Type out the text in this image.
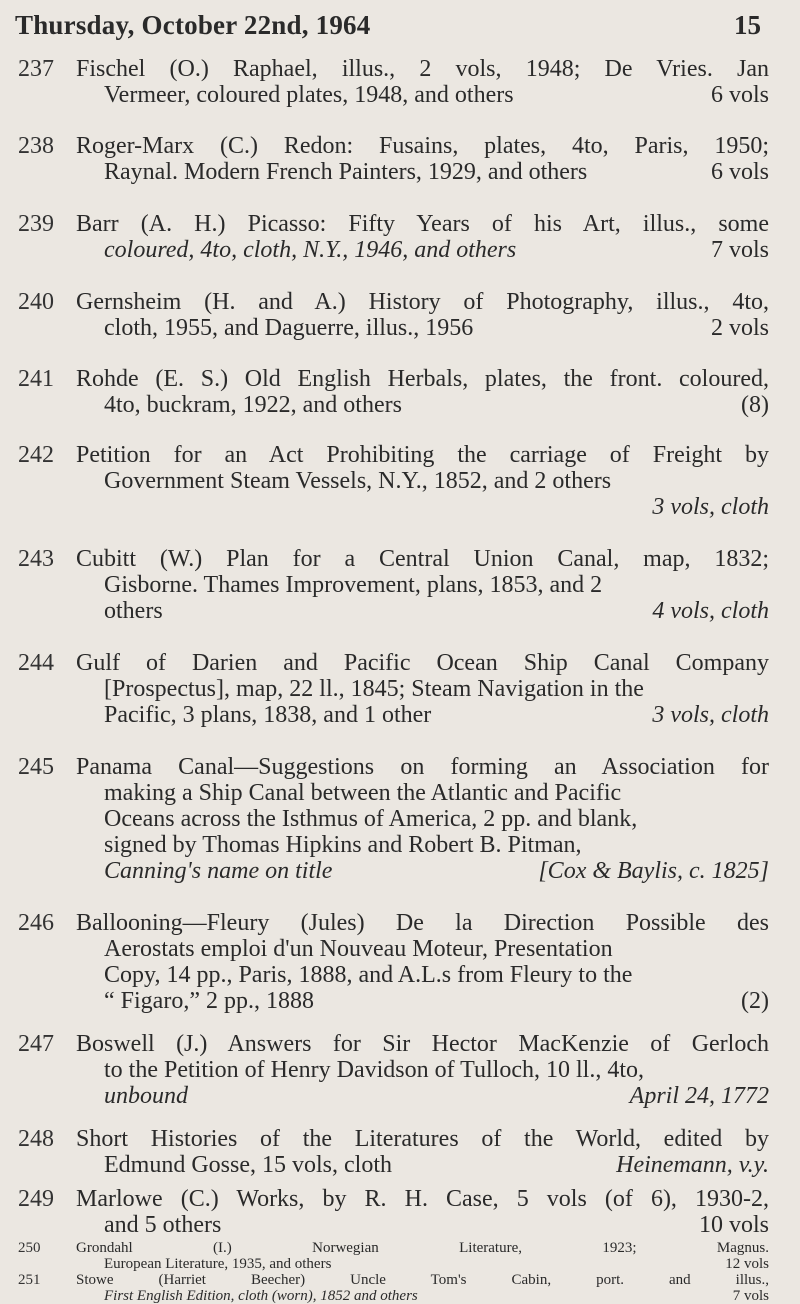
Thursday, October 22nd, 1964	15
237 Fischel (O.) Raphael, illus., 2 vols, 1948; De Vries. Jan
Vermeer, coloured plates, 1948, and others	6 vols
238 Roger-Marx (C.) Redon: Fusains, plates, 4to, Paris, 1950;
Raynal. Modern French Painters, 1929, and others	6 vols
239 Barr (A. H.) Picasso: Fifty Years of his Art, illus., some
coloured, 4to, cloth, N.Y., 1946, and others	7 vols
240 Gernsheim (H. and A.) History of Photography, illus., 4to,
cloth, 1955, and Daguerre, illus., 1956	2 vols
241 Rohde (E. S.) Old English Herbals, plates, the front. coloured,
4to, buckram, 1922, and others	(8)
242 Petition for an Act Prohibiting the carriage of Freight by
Government Steam Vessels, N.Y., 1852, and 2 others
3 vols, cloth
243 Cubitt (W.) Plan for a Central Union Canal, map, 1832;
Gisborne. Thames Improvement, plans, 1853, and 2
others	4 vols, cloth
244 Gulf of Darien and Pacific Ocean Ship Canal Company
[Prospectus], map, 22 ll., 1845; Steam Navigation in the
Pacific, 3 plans, 1838, and 1 other	3 vols, cloth
245 Panama Canal—Suggestions on forming an Association for
making a Ship Canal between the Atlantic and Pacific
Oceans across the Isthmus of America, 2 pp. and blank,
signed by Thomas Hipkins and Robert B. Pitman,
Canning's name on title	[Cox & Baylis, c. 1825]
246 Ballooning—Fleury (Jules) De la Direction Possible des
Aerostats emploi d'un Nouveau Moteur, Presentation
Copy, 14 pp., Paris, 1888, and A.L.s from Fleury to the
“ Figaro,” 2 pp., 1888	(2)
247 Boswell (J.) Answers for Sir Hector MacKenzie of Gerloch
to the Petition of Henry Davidson of Tulloch, 10 ll., 4to,
unbound	April 24, 1772
248 Short Histories of the Literatures of the World, edited by
Edmund Gosse, 15 vols, cloth	Heinemann, v.y.
249 Marlowe (C.) Works, by R. H. Case, 5 vols (of 6), 1930-2,
and 5 others	10 vols
250	Grondahl (I.) Norwegian Literature, 1923; Magnus.
European Literature, 1935, and others	12 vols
251	Stowe (Harriet Beecher) Uncle Tom's Cabin, port. and illus.,
First English Edition, cloth (worn), 1852 and others	7 vols
